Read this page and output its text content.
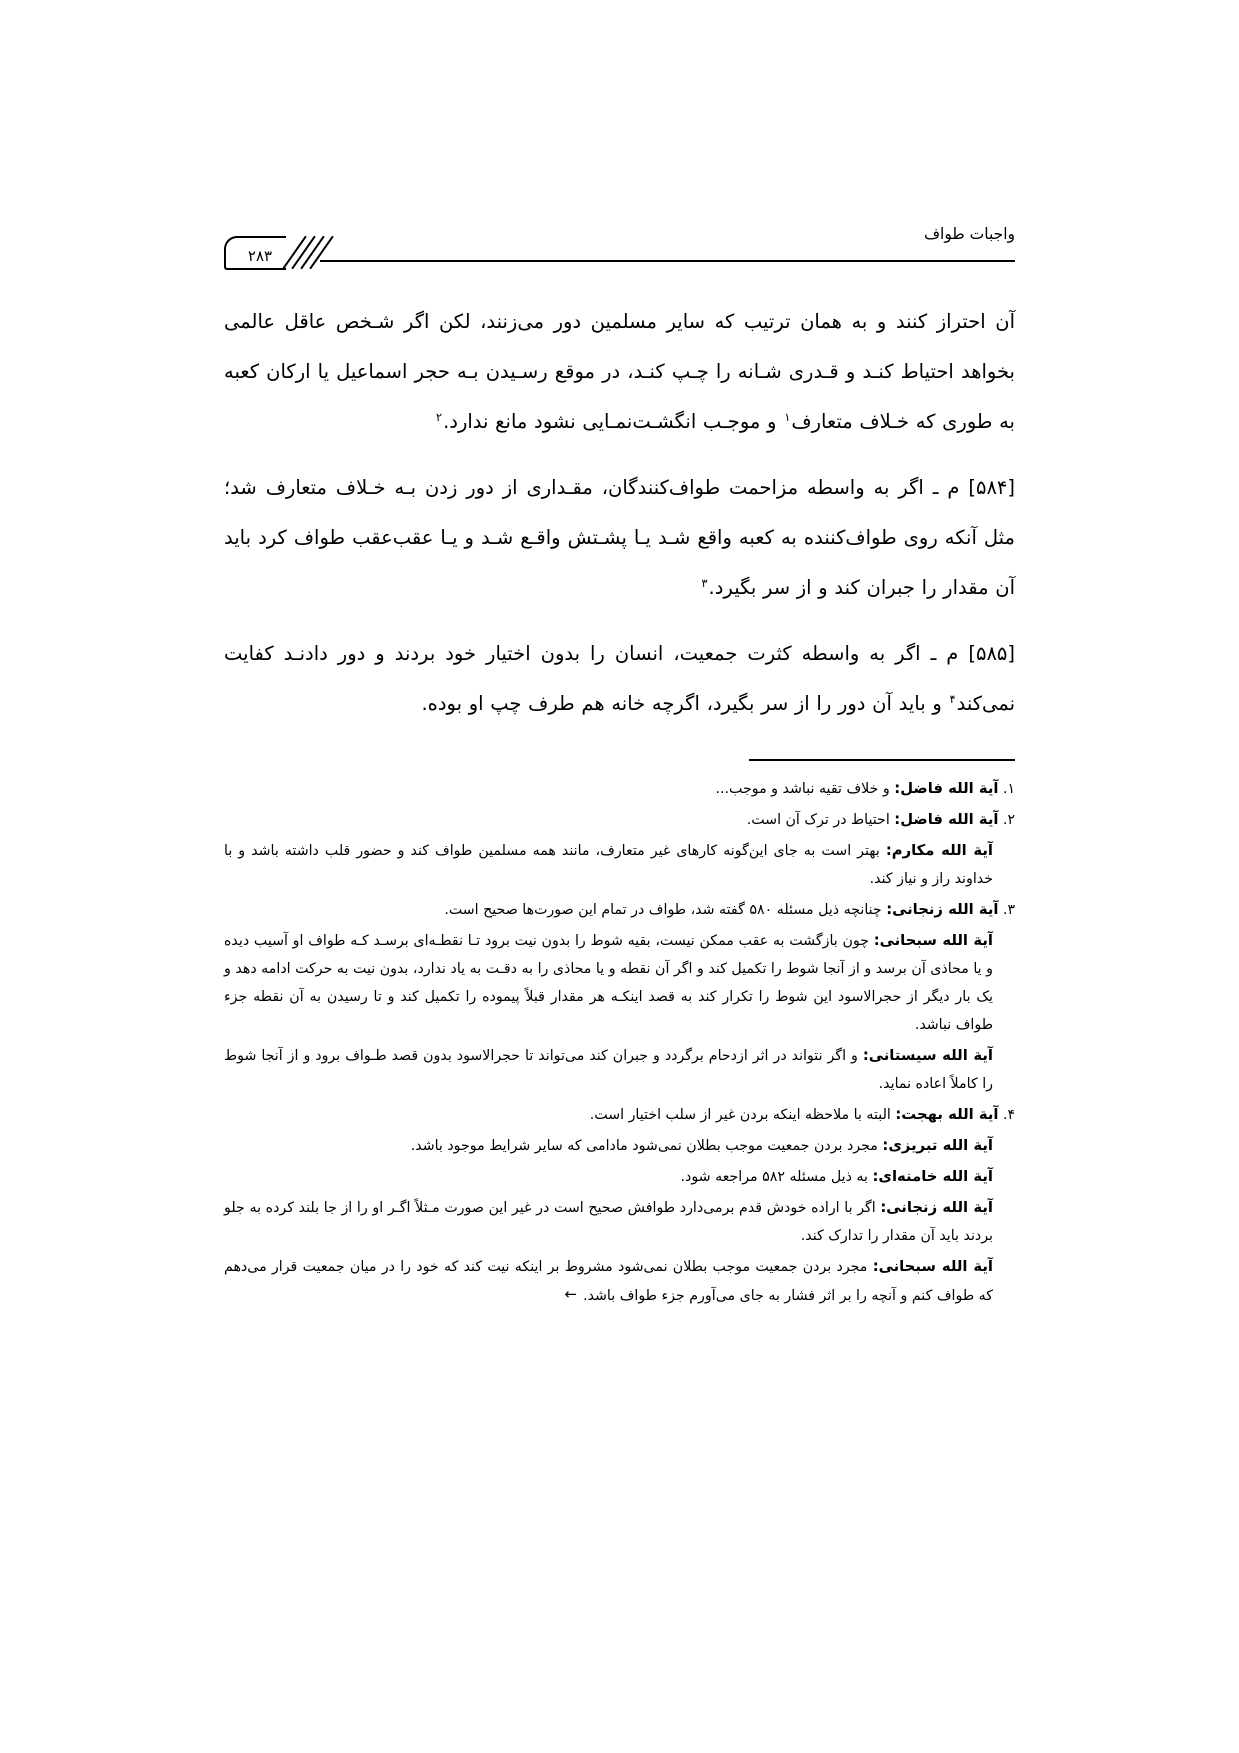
واجبات طواف
۲۸۳

آن احتراز کنند و به همان ترتیب که سایر مسلمین دور می‌زنند، لکن اگر شـخص عاقل عالمی بخواهد احتیاط کنـد و قـدری شـانه را چـپ کنـد، در موقع رسـیدن بـه حجر اسماعیل یا ارکان کعبه به طوری که خـلاف متعارف$^۱$ و موجـب انگشـت‌نمـایی نشود مانع ندارد.$^۲$

[۵۸۴] م ـ اگر به واسطه مزاحمت طواف‌کنندگان، مقـداری از دور زدن بـه خـلاف متعارف شد؛ مثل آنکه روی طواف‌کننده به کعبه واقع شـد یـا پشـتش واقـع شـد و یـا عقب‌عقب طواف کرد باید آن مقدار را جبران کند و از سر بگیرد.$^۳$

[۵۸۵] م ـ اگر به واسطه کثرت جمعیت، انسان را بدون اختیار خود بردند و دور دادنـد کفایت نمی‌کند$^۴$ و باید آن دور را از سر بگیرد، اگرچه خانه هم طرف چپ او بوده.

۱. آیة الله فاضل: و خلاف تقیه نباشد و موجب...

۲. آیة الله فاضل: احتیاط در ترک آن است.

آیة الله مکارم: بهتر است به جای این‌گونه کارهای غیر متعارف، مانند همه مسلمین طواف کند و حضور قلب داشته باشد و با خداوند راز و نیاز کند.

۳. آیة الله زنجانی: چنانچه ذیل مسئله ۵۸۰ گفته شد، طواف در تمام این صورت‌ها صحیح است.

آیة الله سبحانی: چون بازگشت به عقب ممکن نیست، بقیه شوط را بدون نیت برود تـا نقطـه‌ای برسـد کـه طواف او آسیب دیده و یا محاذی آن برسد و از آنجا شوط را تکمیل کند و اگر آن نقطه و یا محاذی را به دقـت به یاد ندارد، بدون نیت به حرکت ادامه دهد و یک بار دیگر از حجرالاسود این شوط را تکرار کند به قصد اینکـه هر مقدار قبلاً پیموده را تکمیل کند و تا رسیدن به آن نقطه جزء طواف نباشد.

آیة الله سیستانی: و اگر نتواند در اثر ازدحام برگردد و جبران کند می‌تواند تا حجرالاسود بدون قصد طـواف برود و از آنجا شوط را کاملاً اعاده نماید.

۴. آیة الله بهجت: البته با ملاحظه اینکه بردن غیر از سلب اختیار است.

آیة الله تبریزی: مجرد بردن جمعیت موجب بطلان نمی‌شود مادامی که سایر شرایط موجود باشد.

آیة الله خامنه‌ای: به ذیل مسئله ۵۸۲ مراجعه شود.

آیة الله زنجانی: اگر با اراده خودش قدم برمی‌دارد طوافش صحیح است در غیر این صورت مـثلاً اگـر او را از جا بلند کرده به جلو بردند باید آن مقدار را تدارک کند.

آیة الله سبحانی: مجرد بردن جمعیت موجب بطلان نمی‌شود مشروط بر اینکه نیت کند که خود را در میان جمعیت قرار می‌دهم که طواف کنم و آنچه را بر اثر فشار به جای می‌آورم جزء طواف باشد.←
